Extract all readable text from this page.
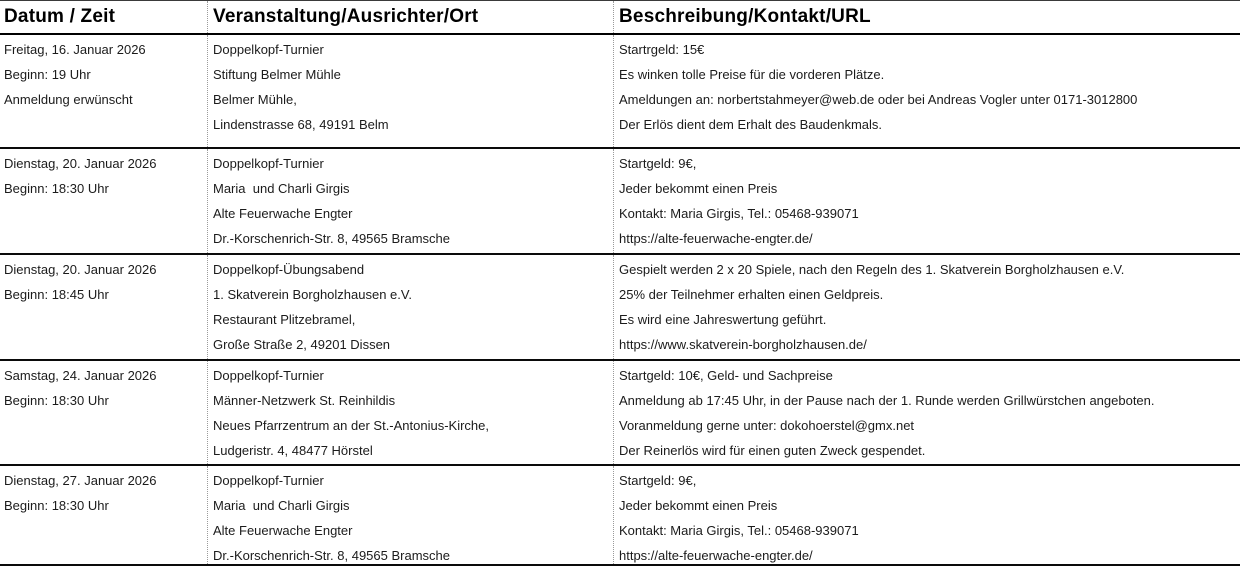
Datum / Zeit	Veranstaltung/Ausrichter/Ort	Beschreibung/Kontakt/URL
Freitag, 16. Januar 2026
Beginn: 19 Uhr
Anmeldung erwünscht
Doppelkopf-Turnier
Stiftung Belmer Mühle
Belmer Mühle,
Lindenstrasse 68, 49191 Belm
Startrgeld: 15€
Es winken tolle Preise für die vorderen Plätze.
Ameldungen an: norbertstahmeyer@web.de oder bei Andreas Vogler unter 0171-3012800
Der Erlös dient dem Erhalt des Baudenkmals.
Dienstag, 20. Januar 2026
Beginn: 18:30 Uhr
Doppelkopf-Turnier
Maria  und Charli Girgis
Alte Feuerwache Engter
Dr.-Korschenrich-Str. 8, 49565 Bramsche
Startgeld: 9€,
Jeder bekommt einen Preis
Kontakt: Maria Girgis, Tel.: 05468-939071
https://alte-feuerwache-engter.de/
Dienstag, 20. Januar 2026
Beginn: 18:45 Uhr
Doppelkopf-Übungsabend
1. Skatverein Borgholzhausen e.V.
Restaurant Plitzebramel,
Große Straße 2, 49201 Dissen
Gespielt werden 2 x 20 Spiele, nach den Regeln des 1. Skatverein Borgholzhausen e.V.
25% der Teilnehmer erhalten einen Geldpreis.
Es wird eine Jahreswertung geführt.
https://www.skatverein-borgholzhausen.de/
Samstag, 24. Januar 2026
Beginn: 18:30 Uhr
Doppelkopf-Turnier
Männer-Netzwerk St. Reinhildis
Neues Pfarrzentrum an der St.-Antonius-Kirche,
Ludgeristr. 4, 48477 Hörstel
Startgeld: 10€, Geld- und Sachpreise
Anmeldung ab 17:45 Uhr, in der Pause nach der 1. Runde werden Grillwürstchen angeboten.
Voranmeldung gerne unter: dokohoerstel@gmx.net
Der Reinerlös wird für einen guten Zweck gespendet.
Dienstag, 27. Januar 2026
Beginn: 18:30 Uhr
Doppelkopf-Turnier
Maria  und Charli Girgis
Alte Feuerwache Engter
Dr.-Korschenrich-Str. 8, 49565 Bramsche
Startgeld: 9€,
Jeder bekommt einen Preis
Kontakt: Maria Girgis, Tel.: 05468-939071
https://alte-feuerwache-engter.de/
